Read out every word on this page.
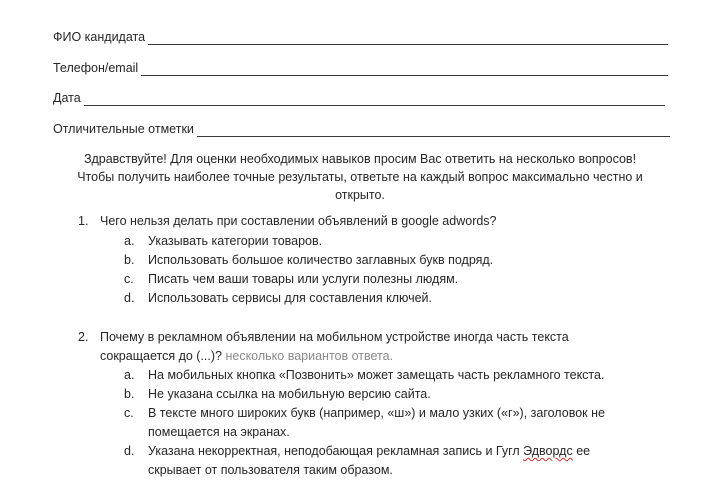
ФИО кандидата
Телефон/email
Дата
Отличительные отметки
Здравствуйте! Для оценки необходимых навыков просим Вас ответить на несколько вопросов!
Чтобы получить наиболее точные результаты, ответьте на каждый вопрос максимально честно и
открыто.
1. Чего нельзя делать при составлении объявлений в google adwords?
a. Указывать категории товаров.
b. Использовать большое количество заглавных букв подряд.
c. Писать чем ваши товары или услуги полезны людям.
d. Использовать сервисы для составления ключей.
2. Почему в рекламном объявлении на мобильном устройстве иногда часть текста
сокращается до (...)? несколько вариантов ответа.
a. На мобильных кнопка «Позвонить» может замещать часть рекламного текста.
b. Не указана ссылка на мобильную версию сайта.
c. В тексте много широких букв (например, «ш») и мало узких («г»), заголовок не
помещается на экранах.
d. Указана некорректная, неподобающая рекламная запись и Гугл Эдвордс ее
скрывает от пользователя таким образом.
